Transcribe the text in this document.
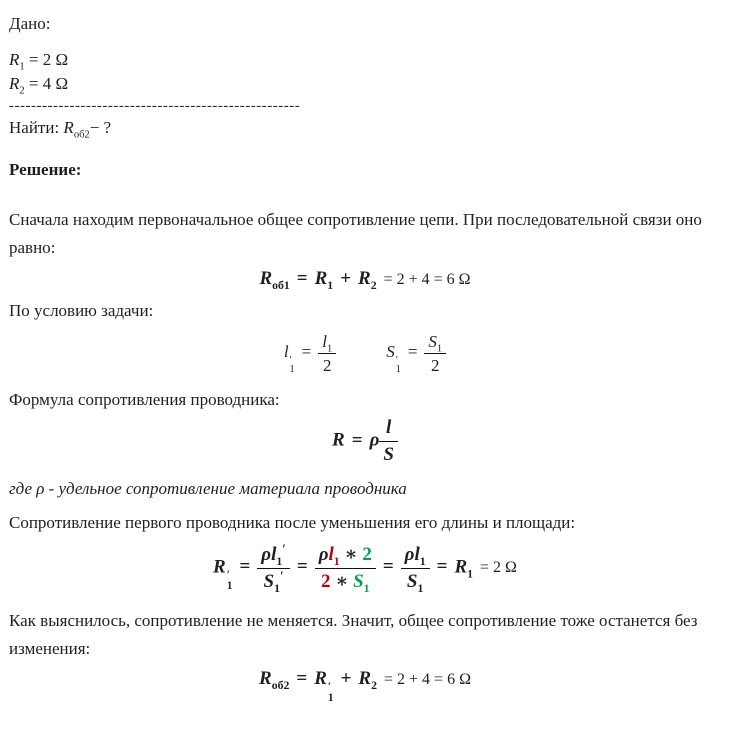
Дано:

$R_1 = 2$ Ω

$R_2 = 4$ Ω

-----------------------------------------------------

Найти: $R_{об2}-$ ?

Решение:

Сначала находим первоначальное общее сопротивление цепи. При последовательной связи оно равно:

$R_{об1} = R_1 + R_2 = 2 + 4 = 6$ Ω

По условию задачи:

l ′
1
= $\frac{l_1}{2}$	S ′
1
= $\frac{S_1}{2}$

Формула сопротивления проводника:

R = ρ $\frac{l}{S}$

где ρ - удельное сопротивление материала проводника

Сопротивление первого проводника после уменьшения его длины и площади:

R ′
1
= $\frac{\rho l_1'}{S_1'} = \frac{\rho l_1 ∗ 2}{2 ∗ S_1} = \frac{\rho l_1}{S_1} = R_1 = 2$ Ω

Как выяснилось, сопротивление не меняется. Значит, общее сопротивление тоже останется без изменения:

$R_{об2} = R$ ′
1
+ $R_2 = 2 + 4 = 6$ Ω
